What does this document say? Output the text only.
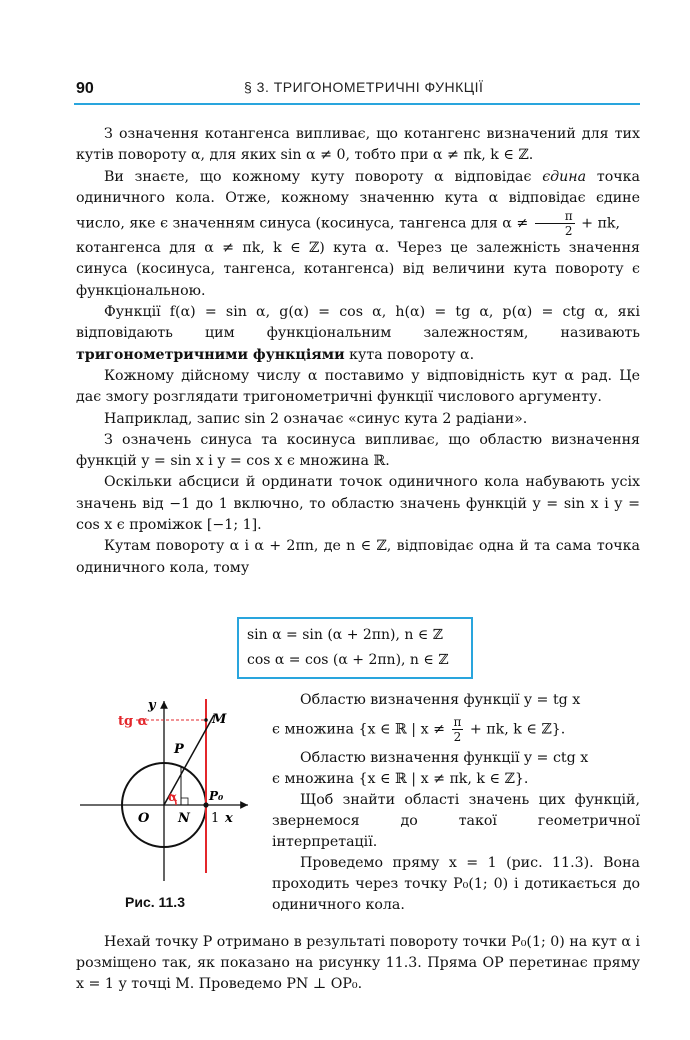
90	§ 3. ТРИГОНОМЕТРИЧНІ ФУНКЦІЇ

З означення котангенса випливає, що котангенс визначений для тих кутів повороту α, для яких sin α ≠ 0, тобто при α ≠ πk, k ∈ ℤ.

Ви знаєте, що кожному куту повороту α відповідає єдина точка одиничного кола. Отже, кожному значенню кута α відповідає єдине число, яке є значенням синуса (косинуса, тангенса для $\alpha \ne \frac{\pi}{2} + \pi k$,

котангенса для α ≠ πk, k ∈ ℤ) кута α. Через це залежність значення синуса (косинуса, тангенса, котангенса) від величини кута повороту є функціональною.

Функції f(α) = sin α, g(α) = cos α, h(α) = tg α, p(α) = ctg α, які відповідають цим функціональним залежностям, називають тригонометричними функціями кута повороту α.

Кожному дійсному числу α поставимо у відповідність кут α рад. Це дає змогу розглядати тригонометричні функції числового аргументу.

Наприклад, запис sin 2 означає «синус кута 2 радіани».

З означень синуса та косинуса випливає, що областю визначення функцій y = sin x і y = cos x є множина ℝ.

Оскільки абсциси й ординати точок одиничного кола набувають усіх значень від −1 до 1 включно, то областю значень функцій y = sin x і y = cos x є проміжок [−1; 1].

Кутам повороту α і α + 2πn, де n ∈ ℤ, відповідає одна й та сама точка одиничного кола, тому

sin α = sin (α + 2πn), n ∈ ℤ
cos α = cos (α + 2πn), n ∈ ℤ
y
tg α	M
P
α	P₀
O N 1 x
Рис. 11.3

Областю визначення функції y = tg x

є множина {x ∈ ℝ | $x \ne \frac{\pi}{2} + \pi k$, k ∈ ℤ}.

Областю визначення функції y = ctg x

є множина {x ∈ ℝ | x ≠ πk, k ∈ ℤ}.

Щоб знайти області значень цих функцій, звернемося до такої геометричної інтерпретації.

Проведемо пряму x = 1 (рис. 11.3). Вона проходить через точку P₀(1; 0) і дотикається до одиничного кола.

Нехай точку P отримано в результаті повороту точки P₀(1; 0) на кут α і розміщено так, як показано на рисунку 11.3. Пряма OP перетинає пряму x = 1 у точці M. Проведемо PN ⊥ OP₀.
